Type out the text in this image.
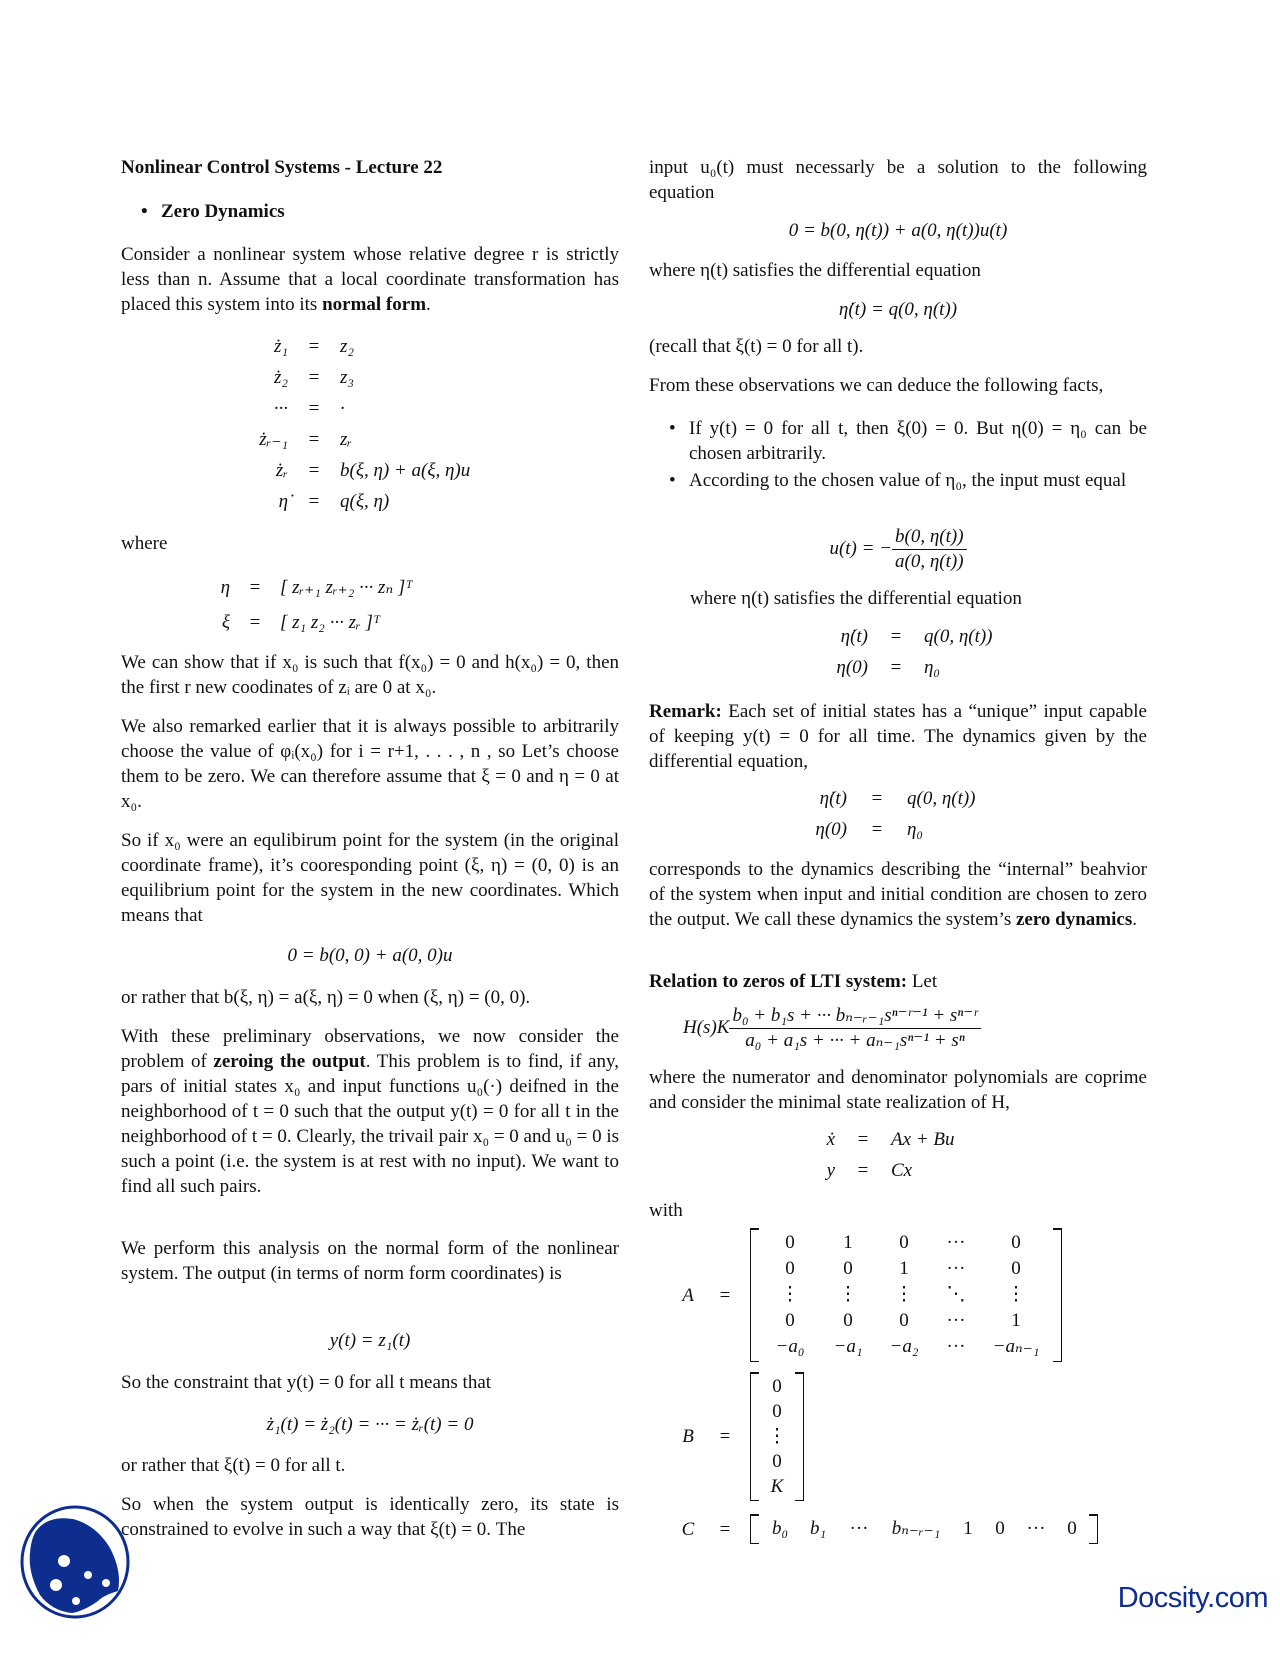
Nonlinear Control Systems - Lecture 22
• Zero Dynamics
Consider a nonlinear system whose relative degree r is strictly less than n. Assume that a local coordinate transformation has placed this system into its normal form.
ż₁	=	z₂
ż₂	=	z₃
···	=	·
żᵣ₋₁	=	zᵣ
żᵣ	=	b(ξ, η) + a(ξ, η)u
η̇	=	q(ξ, η)
where
η	=	[ zᵣ₊₁ zᵣ₊₂ ··· zₙ ]ᵀ
ξ	=	[ z₁ z₂ ··· zᵣ ]ᵀ
We can show that if x₀ is such that f(x₀) = 0 and h(x₀) = 0, then the first r new coodinates of zᵢ are 0 at x₀.
We also remarked earlier that it is always possible to arbitrarily choose the value of φᵢ(x₀) for i = r+1, . . . , n , so Let’s choose them to be zero. We can therefore assume that ξ = 0 and η = 0 at x₀.
So if x₀ were an equlibirum point for the system (in the original coordinate frame), it’s cooresponding point (ξ, η) = (0, 0) is an equilibrium point for the system in the new coordinates. Which means that
0 = b(0, 0) + a(0, 0)u
or rather that b(ξ, η) = a(ξ, η) = 0 when (ξ, η) = (0, 0).
With these preliminary observations, we now consider the problem of zeroing the output. This problem is to find, if any, pars of initial states x₀ and input functions u₀(·) deifned in the neighborhood of t = 0 such that the output y(t) = 0 for all t in the neighborhood of t = 0. Clearly, the trivail pair x₀ = 0 and u₀ = 0 is such a point (i.e. the system is at rest with no input). We want to find all such pairs.
We perform this analysis on the normal form of the nonlinear system. The output (in terms of norm form coordinates) is
y(t) = z₁(t)
So the constraint that y(t) = 0 for all t means that
ż₁(t) = ż₂(t) = ··· = żᵣ(t) = 0
or rather that ξ(t) = 0 for all t.
So when the system output is identically zero, its state is constrained to evolve in such a way that ξ(t) = 0. The
input u₀(t) must necessarly be a solution to the following equation
0 = b(0, η(t)) + a(0, η(t))u(t)
where η(t) satisfies the differential equation
η̇(t) = q(0, η(t))
(recall that ξ(t) = 0 for all t).
From these observations we can deduce the following facts,
• If y(t) = 0 for all t, then ξ(0) = 0. But η(0) = η₀ can be chosen arbitrarily.
• According to the chosen value of η₀, the input must equal
u(t) = − $\frac{b(0, \eta(t))}{a(0, \eta(t))}$
where η(t) satisfies the differential equation
η̇(t)	=	q(0, η(t))
η(0)	=	η₀
Remark: Each set of initial states has a “unique” input capable of keeping y(t) = 0 for all time. The dynamics given by the differential equation,
η̇(t)	=	q(0, η(t))
η(0)	=	η₀
corresponds to the dynamics describing the “internal” beahvior of the system when input and initial condition are chosen to zero the output. We call these dynamics the system’s zero dynamics.
Relation to zeros of LTI system: Let
$H(s)K \frac{\text{b₀ + b₁s + ··· bₙ₋ᵣ₋₁sⁿ⁻ʳ⁻¹ + sⁿ⁻ʳ}}{\text{a₀ + a₁s + ··· + aₙ₋₁sⁿ⁻¹ + sⁿ}}$
where the numerator and denominator polynomials are coprime and consider the minimal state realization of H,
ẋ	=	Ax + Bu
y	=	Cx
with
A	=
0	1	0	···	0
0	0	1	···	0
⋮	⋮	⋮	⋱	⋮
0	0	0	···	1
−a₀	−a₁	−a₂	···	−aₙ₋₁
B	=
0
0
⋮
0
K
C	=	b₀	b₁	···	bₙ₋ᵣ₋₁	1	0	···	0
Docsity.com
